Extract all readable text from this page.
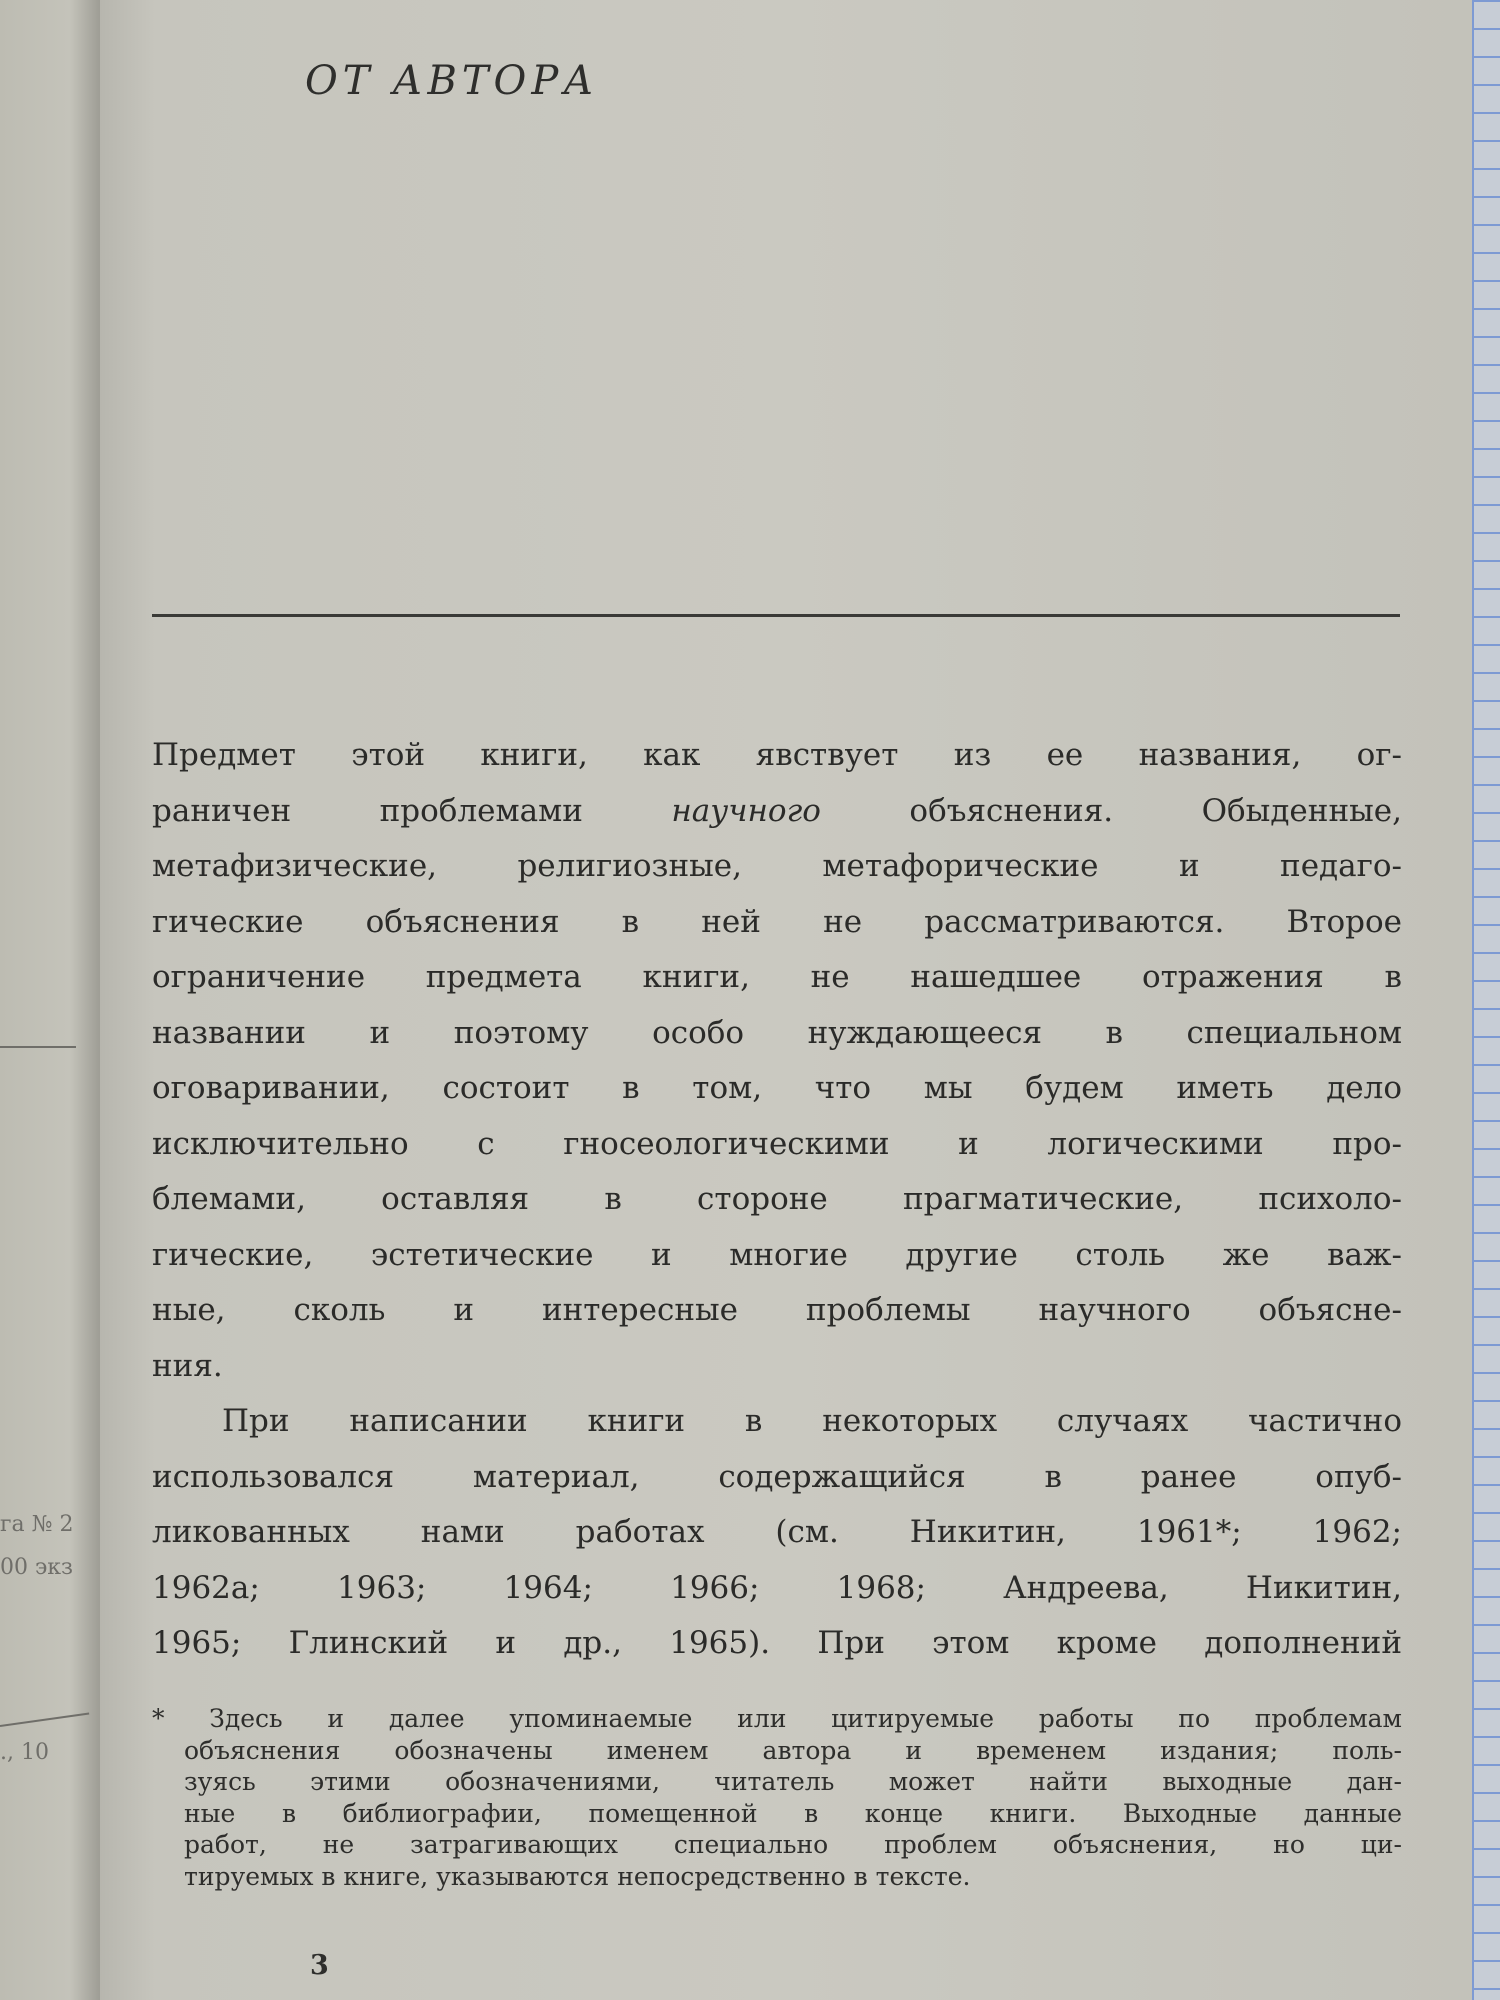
га № 2
00 экз
., 10
ОТ АВТОРА
Предмет этой книги, как явствует из ее названия, ог-
раничен проблемами научного объяснения. Обыденные,
метафизические, религиозные, метафорические и педаго-
гические объяснения в ней не рассматриваются. Второе
ограничение предмета книги, не нашедшее отражения в
названии и поэтому особо нуждающееся в специальном
оговаривании, состоит в том, что мы будем иметь дело
исключительно с гносеологическими и логическими про-
блемами, оставляя в стороне прагматические, психоло-
гические, эстетические и многие другие столь же важ-
ные, сколь и интересные проблемы научного объясне-
ния.
При написании книги в некоторых случаях частично
использовался материал, содержащийся в ранее опуб-
ликованных нами работах (см. Никитин, 1961*; 1962;
1962а; 1963; 1964; 1966; 1968; Андреева, Никитин,
1965; Глинский и др., 1965). При этом кроме дополнений
* Здесь и далее упоминаемые или цитируемые работы по проблемам
объяснения обозначены именем автора и временем издания; поль-
зуясь этими обозначениями, читатель может найти выходные дан-
ные в библиографии, помещенной в конце книги. Выходные данные
работ, не затрагивающих специально проблем объяснения, но ци-
тируемых в книге, указываются непосредственно в тексте.
3
